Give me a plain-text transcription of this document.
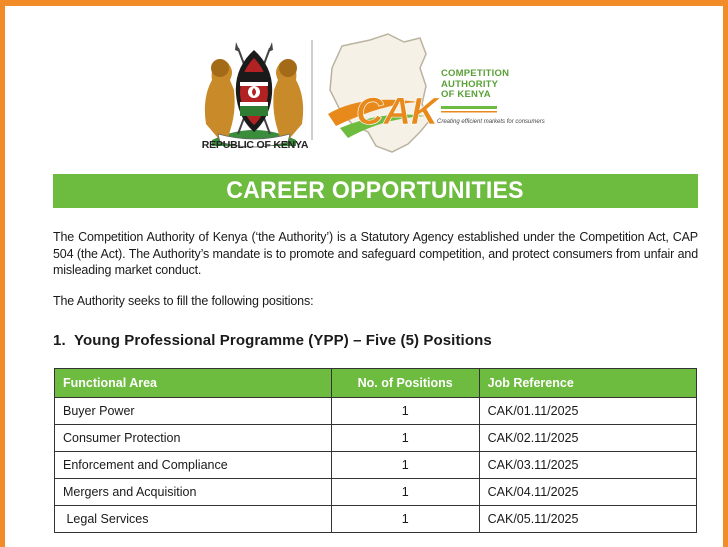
REPUBLIC OF KENYA
CAK
COMPETITION
AUTHORITY
OF KENYA
Creating efficient markets for consumers
CAREER OPPORTUNITIES
The Competition Authority of Kenya (‘the Authority’) is a Statutory Agency established under the Competition Act, CAP 504 (the Act). The Authority’s mandate is to promote and safeguard competition, and protect consumers from unfair and misleading market conduct.
The Authority seeks to fill the following positions:
1.  Young Professional Programme (YPP) – Five (5) Positions
Functional Area	No. of Positions	Job Reference
Buyer Power	1	CAK/01.11/2025
Consumer Protection	1	CAK/02.11/2025
Enforcement and Compliance	1	CAK/03.11/2025
Mergers and Acquisition	1	CAK/04.11/2025
Legal Services	1	CAK/05.11/2025
